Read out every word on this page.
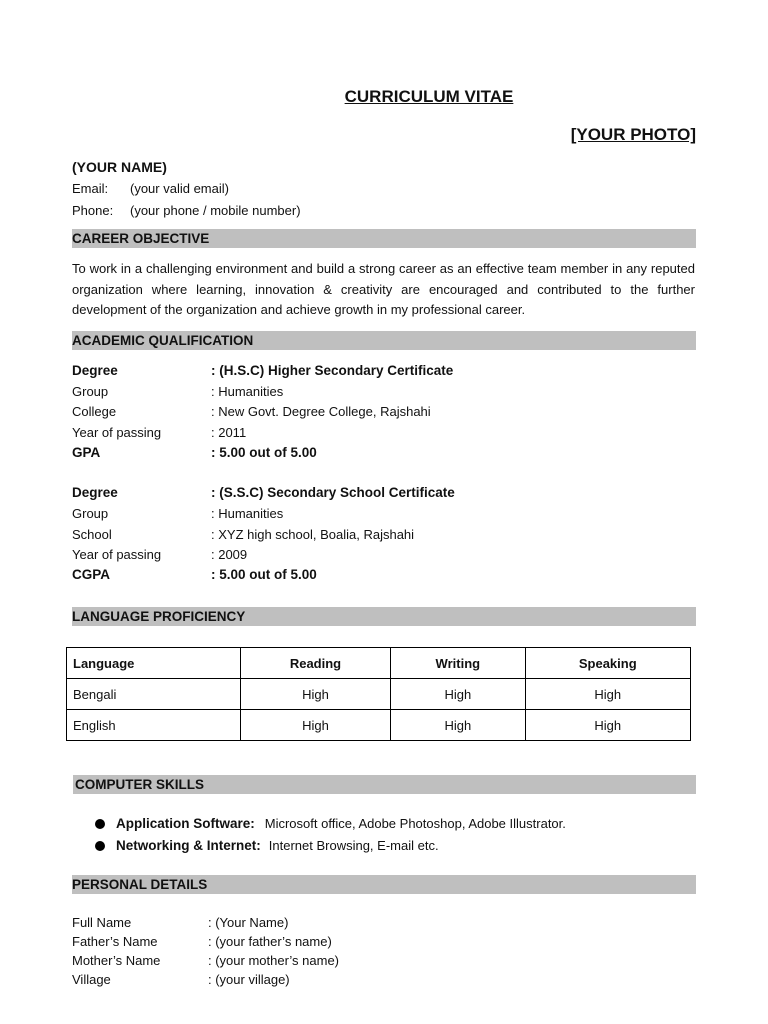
CURRICULUM VITAE
[YOUR PHOTO]
(YOUR NAME)
Email: (your valid email)
Phone: (your phone / mobile number)
CAREER OBJECTIVE
To work in a challenging environment and build a strong career as an effective team member in any reputed organization where learning, innovation & creativity are encouraged and contributed to the further development of the organization and achieve growth in my professional career.
ACADEMIC QUALIFICATION
Degree	: (H.S.C) Higher Secondary Certificate
Group	: Humanities
College	: New Govt. Degree College, Rajshahi
Year of passing	: 2011
GPA	: 5.00 out of 5.00
Degree	: (S.S.C) Secondary School Certificate
Group	: Humanities
School	: XYZ high school, Boalia, Rajshahi
Year of passing	: 2009
CGPA	: 5.00 out of 5.00
LANGUAGE PROFICIENCY
Language	Reading	Writing	Speaking
Bengali	High	High	High
English	High	High	High
COMPUTER SKILLS
Application Software: Microsoft office, Adobe Photoshop, Adobe Illustrator.
Networking & Internet: Internet Browsing, E-mail etc.
PERSONAL DETAILS
Full Name	: (Your Name)
Father’s Name	: (your father’s name)
Mother’s Name	: (your mother’s name)
Village	: (your village)
